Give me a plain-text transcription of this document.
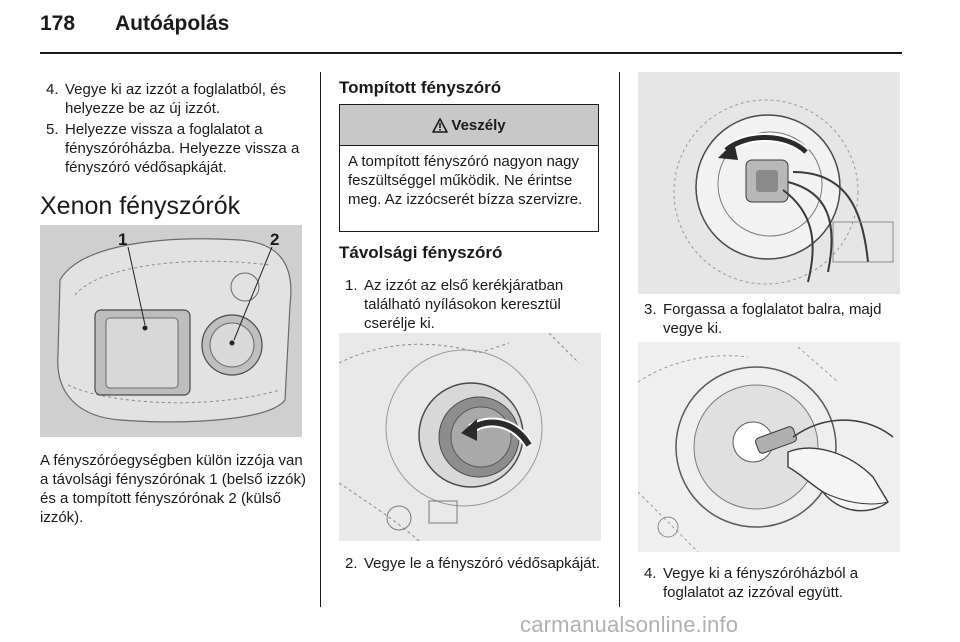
178 Autóápolás
4. Vegye ki az izzót a foglalatból, és helyezze be az új izzót.
5. Helyezze vissza a foglalatot a fényszóróházba. Helyezze vissza a fényszóró védősapkáját.
Xenon fényszórók
1	2
A fényszóróegységben külön izzója van a távolsági fényszórónak 1 (belső izzók) és a tompított fényszórónak 2 (külső izzók).
Tompított fényszóró
Veszély
A tompított fényszóró nagyon nagy feszültséggel működik. Ne érintse meg. Az izzócserét bízza szervizre.
Távolsági fényszóró
1. Az izzót az első kerékjáratban található nyílásokon keresztül cserélje ki.
2. Vegye le a fényszóró védősapkáját.
3. Forgassa a foglalatot balra, majd vegye ki.
4. Vegye ki a fényszóróházból a foglalatot az izzóval együtt.
carmanualsonline.info
